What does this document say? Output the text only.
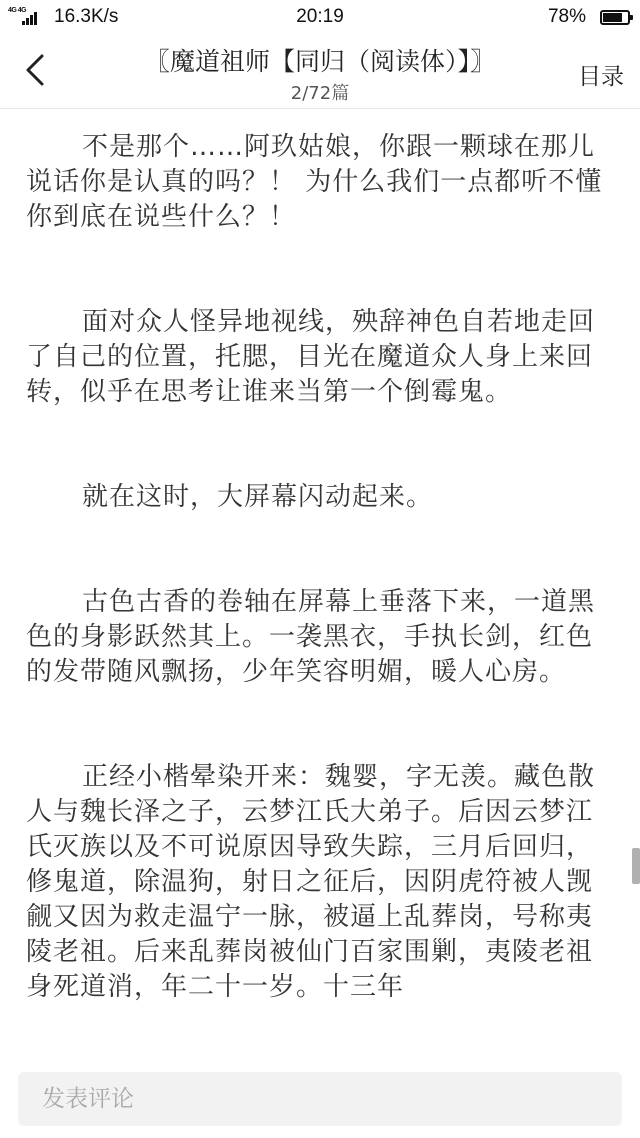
4G 4G 16.3K/s	20:19	78%
〖魔道祖师【同归（阅读体）】〗
2/72篇
目录

不是那个……阿玖姑娘，你跟一颗球在那儿说话你是认真的吗？！ 为什么我们一点都听不懂你到底在说些什么？！

面对众人怪异地视线，殃辞神色自若地走回了自己的位置，托腮，目光在魔道众人身上来回转，似乎在思考让谁来当第一个倒霉鬼。

就在这时，大屏幕闪动起来。

古色古香的卷轴在屏幕上垂落下来，一道黑色的身影跃然其上。一袭黑衣，手执长剑，红色的发带随风飘扬，少年笑容明媚，暖人心房。

正经小楷晕染开来：魏婴，字无羡。藏色散人与魏长泽之子，云梦江氏大弟子。后因云梦江氏灭族以及不可说原因导致失踪，三月后回归，修鬼道，除温狗，射日之征后，因阴虎符被人觊觎又因为救走温宁一脉，被逼上乱葬岗，号称夷陵老祖。后来乱葬岗被仙门百家围剿，夷陵老祖身死道消，年二十一岁。十三年

发表评论
